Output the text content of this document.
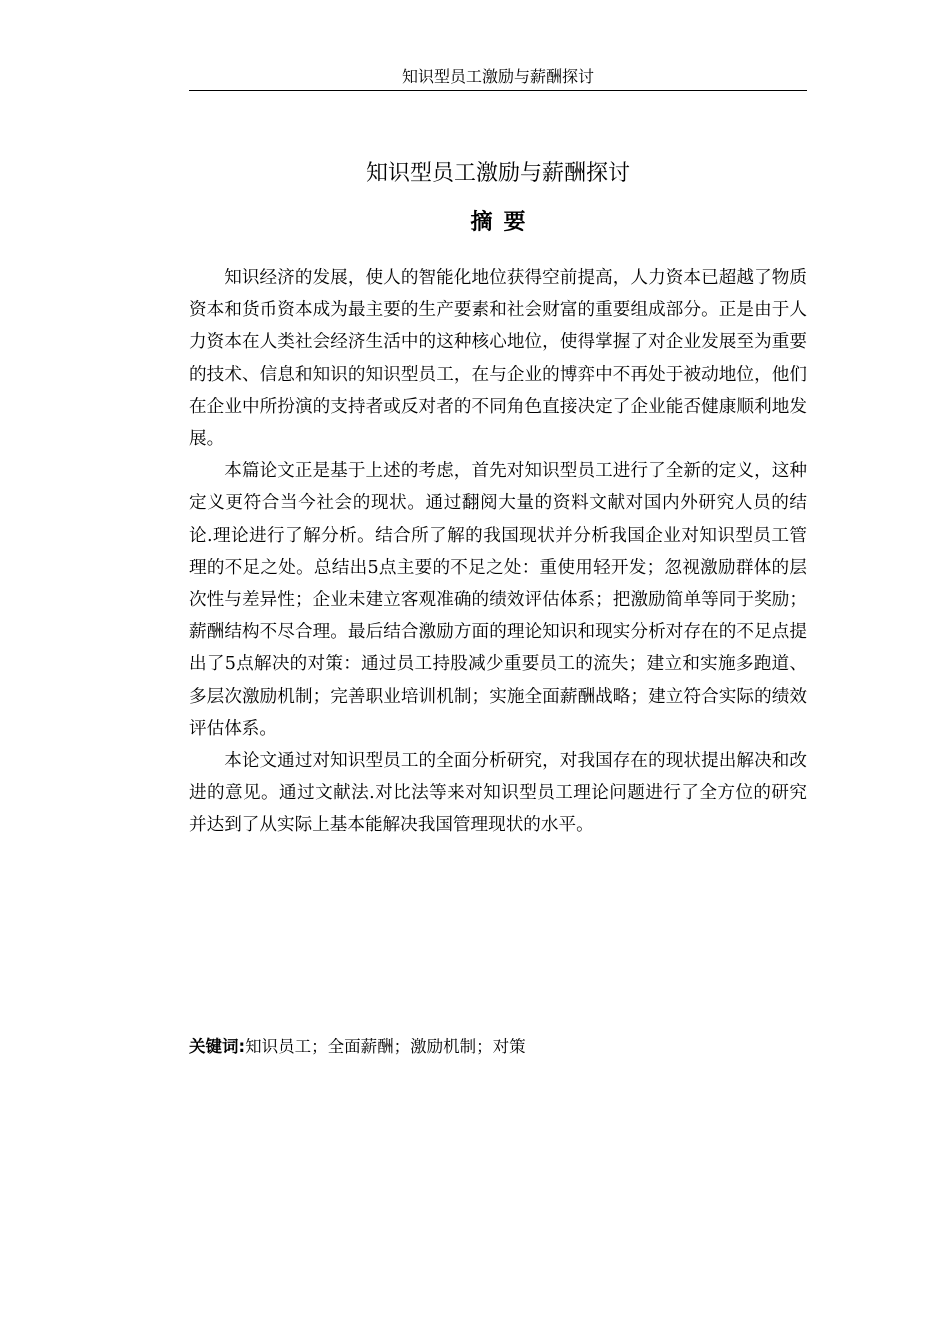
知识型员工激励与薪酬探讨
知识型员工激励与薪酬探讨
摘要

知识经济的发展，使人的智能化地位获得空前提高，人力资本已超越了物质资本和货币资本成为最主要的生产要素和社会财富的重要组成部分。正是由于人力资本在人类社会经济生活中的这种核心地位，使得掌握了对企业发展至为重要的技术、信息和知识的知识型员工，在与企业的博弈中不再处于被动地位，他们在企业中所扮演的支持者或反对者的不同角色直接决定了企业能否健康顺利地发展。

本篇论文正是基于上述的考虑，首先对知识型员工进行了全新的定义，这种定义更符合当今社会的现状。通过翻阅大量的资料文献对国内外研究人员的结论.理论进行了解分析。结合所了解的我国现状并分析我国企业对知识型员工管理的不足之处。总结出5点主要的不足之处：重使用轻开发；忽视激励群体的层次性与差异性；企业未建立客观准确的绩效评估体系；把激励简单等同于奖励；薪酬结构不尽合理。最后结合激励方面的理论知识和现实分析对存在的不足点提出了5点解决的对策：通过员工持股减少重要员工的流失；建立和实施多跑道、多层次激励机制；完善职业培训机制；实施全面薪酬战略；建立符合实际的绩效评估体系。

本论文通过对知识型员工的全面分析研究，对我国存在的现状提出解决和改进的意见。通过文献法.对比法等来对知识型员工理论问题进行了全方位的研究并达到了从实际上基本能解决我国管理现状的水平。

关键词:知识员工；全面薪酬；激励机制；对策
